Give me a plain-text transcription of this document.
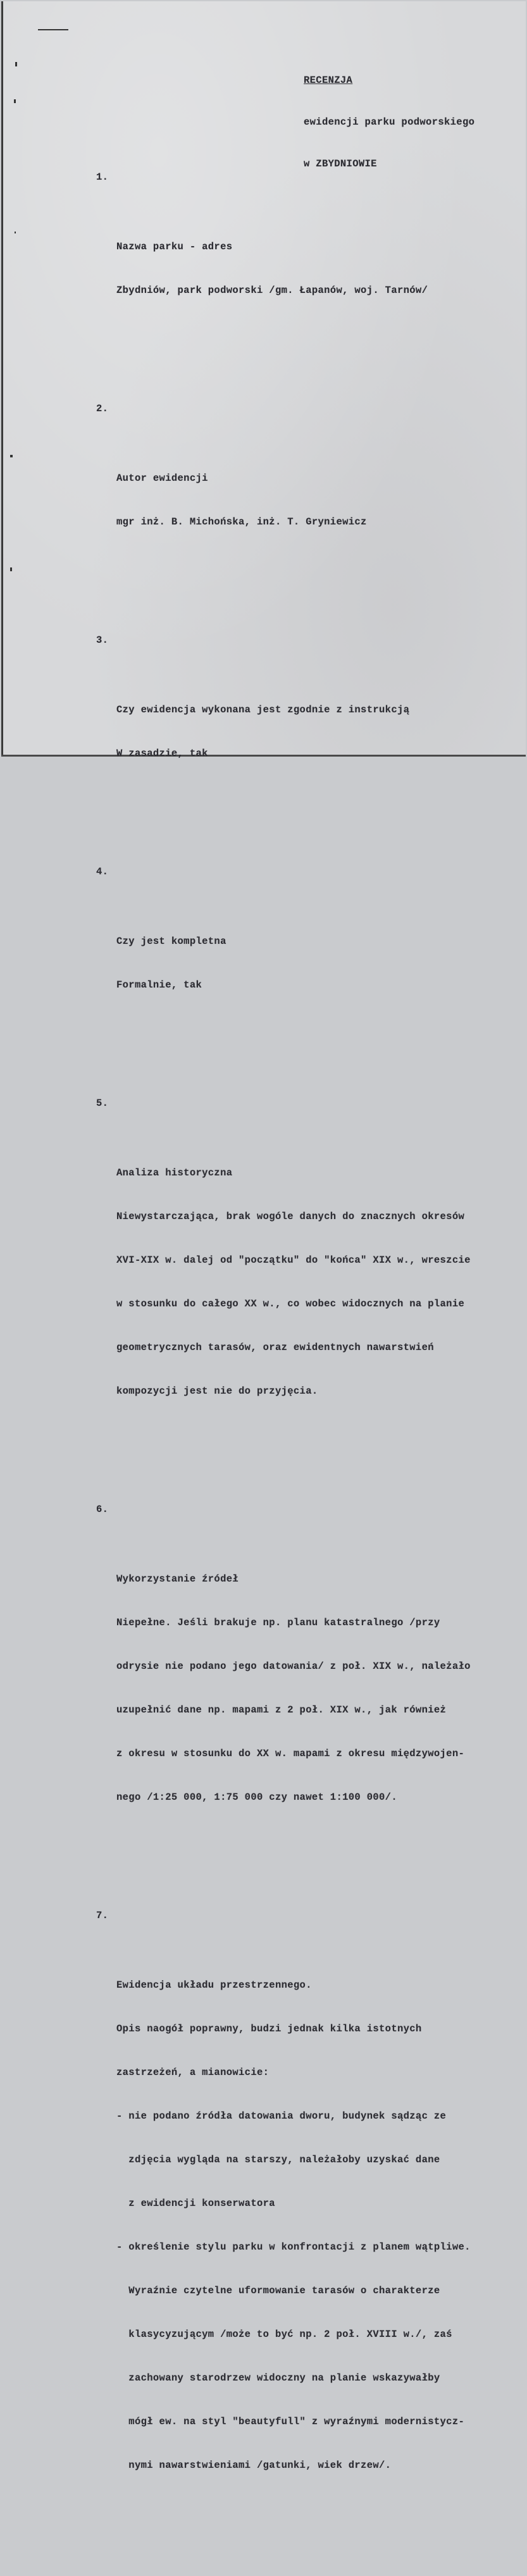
RECENZJA

ewidencji parku podworskiego

w ZBYDNIOWIE

1.

Nazwa parku - adres

Zbydniów, park podworski /gm. Łapanów, woj. Tarnów/

2.

Autor ewidencji

mgr inż. B. Michońska, inż. T. Gryniewicz

3.

Czy ewidencja wykonana jest zgodnie z instrukcją

W zasadzie, tak

4.

Czy jest kompletna

Formalnie, tak

5.

Analiza historyczna

Niewystarczająca, brak wogóle danych do znacznych okresów

XVI-XIX w. dalej od "początku" do "końca" XIX w., wreszcie

w stosunku do całego XX w., co wobec widocznych na planie

geometrycznych tarasów, oraz ewidentnych nawarstwień

kompozycji jest nie do przyjęcia.

6.

Wykorzystanie źródeł

Niepełne. Jeśli brakuje np. planu katastralnego /przy

odrysie nie podano jego datowania/ z poł. XIX w., należało

uzupełnić dane np. mapami z 2 poł. XIX w., jak również

z okresu w stosunku do XX w. mapami z okresu międzywojen-

nego /1:25 000, 1:75 000 czy nawet 1:100 000/.

7.

Ewidencja układu przestrzennego.

Opis naogół poprawny, budzi jednak kilka istotnych

zastrzeżeń, a mianowicie:

- nie podano źródła datowania dworu, budynek sądząc ze

zdjęcia wygląda na starszy, należałoby uzyskać dane

z ewidencji konserwatora

- określenie stylu parku w konfrontacji z planem wątpliwe.

Wyraźnie czytelne uformowanie tarasów o charakterze

klasycyzującym /może to być np. 2 poł. XVIII w./, zaś

zachowany starodrzew widoczny na planie wskazywałby

mógł ew. na styl "beautyfull" z wyraźnymi modernistycz-

nymi nawarstwieniami /gatunki, wiek drzew/.
